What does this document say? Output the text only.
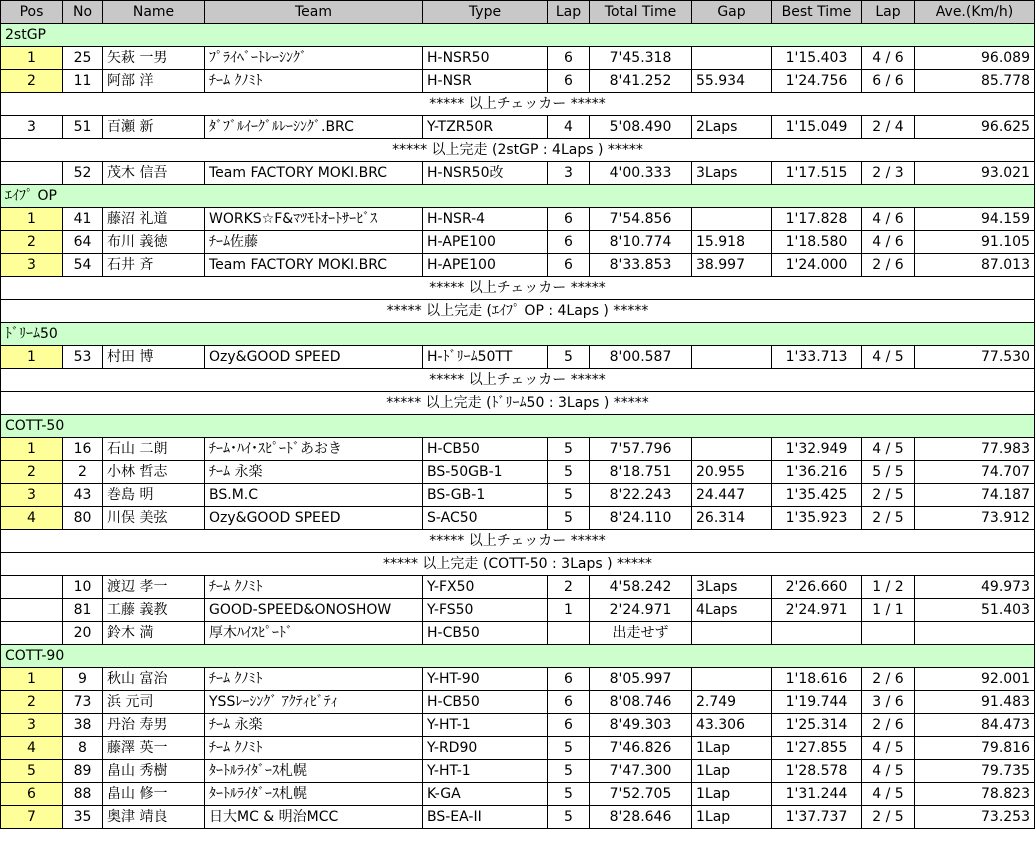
Pos	No	Name	Team	Type	Lap	Total Time	Gap	Best Time	Lap	Ave.(Km/h)
2stGP										
1	25	矢萩 一男	ﾌﾟﾗｲﾍﾞｰﾄﾚｰｼﾝｸﾞ	H-NSR50	6	7'45.318		1'15.403	4 / 6	96.089
2	11	阿部 洋	ﾁｰﾑ ｸﾉﾐﾄ	H-NSR	6	8'41.252	55.934	1'24.756	6 / 6	85.778
***** 以上チェッカー *****										
3	51	百瀬 新	ﾀﾞﾌﾞﾙｲｰｸﾞﾙﾚｰｼﾝｸﾞ.BRC	Y-TZR50R	4	5'08.490	2Laps	1'15.049	2 / 4	96.625
***** 以上完走 (2stGP : 4Laps ) *****										
	52	茂木 信吾	Team FACTORY MOKI.BRC	H-NSR50改	3	4'00.333	3Laps	1'17.515	2 / 3	93.021
ｴｲﾌﾟ OP										
1	41	藤沼 礼道	WORKS☆F&ﾏﾂﾓﾄｵｰﾄｻｰﾋﾞｽ	H-NSR-4	6	7'54.856		1'17.828	4 / 6	94.159
2	64	布川 義徳	ﾁｰﾑ佐藤	H-APE100	6	8'10.774	15.918	1'18.580	4 / 6	91.105
3	54	石井 斉	Team FACTORY MOKI.BRC	H-APE100	6	8'33.853	38.997	1'24.000	2 / 6	87.013
***** 以上チェッカー *****										
***** 以上完走 (ｴｲﾌﾟ OP : 4Laps ) *****										
ﾄﾞﾘｰﾑ50										
1	53	村田 博	Ozy&GOOD SPEED	H-ﾄﾞﾘｰﾑ50TT	5	8'00.587		1'33.713	4 / 5	77.530
***** 以上チェッカー *****										
***** 以上完走 (ﾄﾞﾘｰﾑ50 : 3Laps ) *****										
COTT-50										
1	16	石山 二朗	ﾁｰﾑ･ﾊｲ･ｽﾋﾟｰﾄﾞあおき	H-CB50	5	7'57.796		1'32.949	4 / 5	77.983
2	2	小林 哲志	ﾁｰﾑ 永楽	BS-50GB-1	5	8'18.751	20.955	1'36.216	5 / 5	74.707
3	43	巻島 明	BS.M.C	BS-GB-1	5	8'22.243	24.447	1'35.425	2 / 5	74.187
4	80	川俣 美弦	Ozy&GOOD SPEED	S-AC50	5	8'24.110	26.314	1'35.923	2 / 5	73.912
***** 以上チェッカー *****										
***** 以上完走 (COTT-50 : 3Laps ) *****										
	10	渡辺 孝一	ﾁｰﾑ ｸﾉﾐﾄ	Y-FX50	2	4'58.242	3Laps	2'26.660	1 / 2	49.973
	81	工藤 義教	GOOD-SPEED&ONOSHOW	Y-FS50	1	2'24.971	4Laps	2'24.971	1 / 1	51.403
	20	鈴木 満	厚木ﾊｲｽﾋﾟｰﾄﾞ	H-CB50		出走せず				
COTT-90										
1	9	秋山 富治	ﾁｰﾑ ｸﾉﾐﾄ	Y-HT-90	6	8'05.997		1'18.616	2 / 6	92.001
2	73	浜 元司	YSSﾚｰｼﾝｸﾞ ｱｸﾃｨﾋﾞﾃｨ	H-CB50	6	8'08.746	2.749	1'19.744	3 / 6	91.483
3	38	丹治 寿男	ﾁｰﾑ 永楽	Y-HT-1	6	8'49.303	43.306	1'25.314	2 / 6	84.473
4	8	藤澤 英一	ﾁｰﾑ ｸﾉﾐﾄ	Y-RD90	5	7'46.826	1Lap	1'27.855	4 / 5	79.816
5	89	畠山 秀樹	ﾀｰﾄﾙﾗｲﾀﾞｰｽ札幌	Y-HT-1	5	7'47.300	1Lap	1'28.578	4 / 5	79.735
6	88	畠山 修一	ﾀｰﾄﾙﾗｲﾀﾞｰｽ札幌	K-GA	5	7'52.705	1Lap	1'31.244	4 / 5	78.823
7	35	奥津 靖良	日大MC & 明治MCC	BS-EA-II	5	8'28.646	1Lap	1'37.737	2 / 5	73.253
